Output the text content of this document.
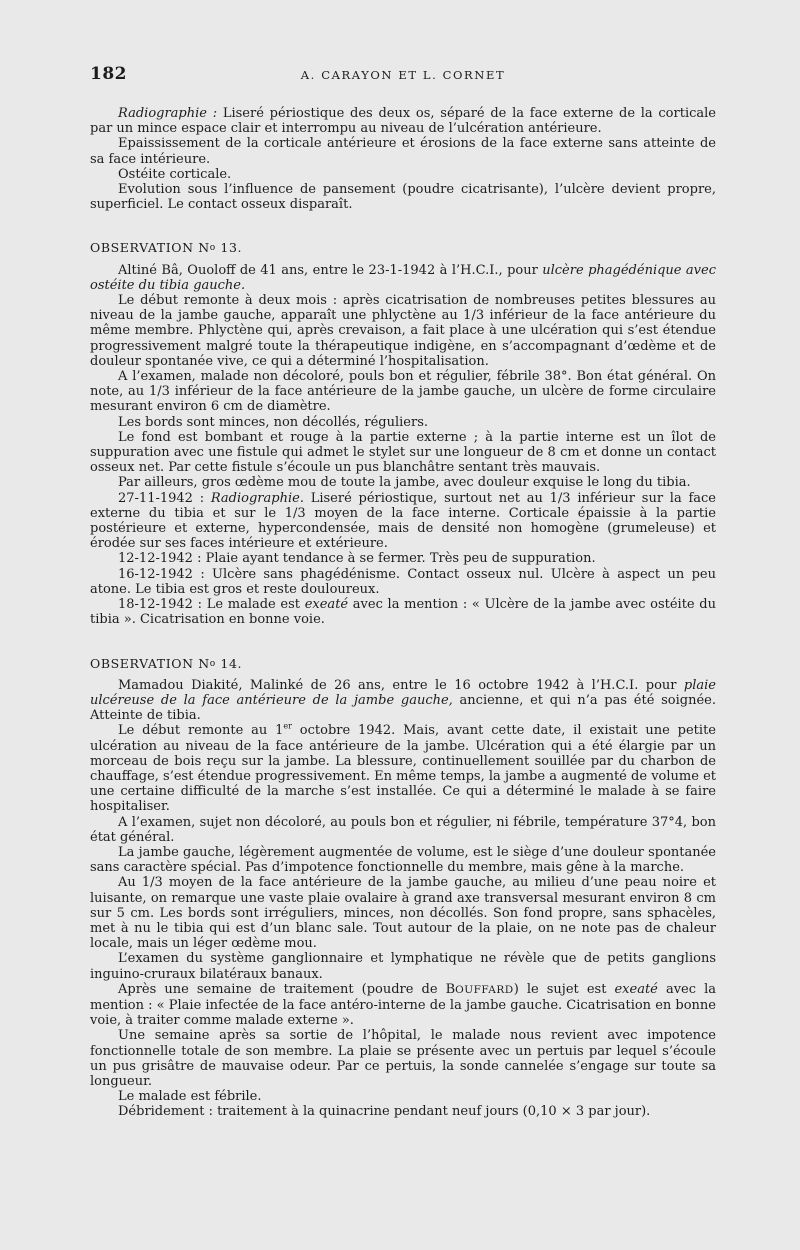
182	A. CARAYON ET L. CORNET

Radiographie : Liseré périostique des deux os, séparé de la face externe de la corticale par un mince espace clair et interrompu au niveau de l’ulcération antérieure.

Epaississement de la corticale antérieure et érosions de la face externe sans atteinte de sa face intérieure.

Ostéite corticale.

Evolution sous l’influence de pansement (poudre cicatrisante), l’ulcère devient propre, superficiel. Le contact osseux disparaît.

OBSERVATION No 13.

Altiné Bâ, Ouoloff de 41 ans, entre le 23-1-1942 à l’H.C.I., pour ulcère phagédénique avec ostéite du tibia gauche.

Le début remonte à deux mois : après cicatrisation de nombreuses petites blessures au niveau de la jambe gauche, apparaît une phlyctène au 1/3 inférieur de la face antérieure du même membre. Phlyctène qui, après crevaison, a fait place à une ulcération qui s’est étendue progressivement malgré toute la thérapeutique indigène, en s’accompagnant d’œdème et de douleur spontanée vive, ce qui a déterminé l’hospitalisation.

A l’examen, malade non décoloré, pouls bon et régulier, fébrile 38°. Bon état général. On note, au 1/3 inférieur de la face antérieure de la jambe gauche, un ulcère de forme circulaire mesurant environ 6 cm de diamètre.

Les bords sont minces, non décollés, réguliers.

Le fond est bombant et rouge à la partie externe ; à la partie interne est un îlot de suppuration avec une fistule qui admet le stylet sur une longueur de 8 cm et donne un contact osseux net. Par cette fistule s’écoule un pus blanchâtre sentant très mauvais.

Par ailleurs, gros œdème mou de toute la jambe, avec douleur exquise le long du tibia.

27-11-1942 : Radiographie. Liseré périostique, surtout net au 1/3 inférieur sur la face externe du tibia et sur le 1/3 moyen de la face interne. Corticale épaissie à la partie postérieure et externe, hypercondensée, mais de densité non homogène (grumeleuse) et érodée sur ses faces intérieure et extérieure.

12-12-1942 : Plaie ayant tendance à se fermer. Très peu de suppuration.

16-12-1942 : Ulcère sans phagédénisme. Contact osseux nul. Ulcère à aspect un peu atone. Le tibia est gros et reste douloureux.

18-12-1942 : Le malade est exeaté avec la mention : « Ulcère de la jambe avec ostéite du tibia ». Cicatrisation en bonne voie.

OBSERVATION No 14.

Mamadou Diakité, Malinké de 26 ans, entre le 16 octobre 1942 à l’H.C.I. pour plaie ulcéreuse de la face antérieure de la jambe gauche, ancienne, et qui n’a pas été soignée. Atteinte de tibia.

Le début remonte au 1er octobre 1942. Mais, avant cette date, il existait une petite ulcération au niveau de la face antérieure de la jambe. Ulcération qui a été élargie par un morceau de bois reçu sur la jambe. La blessure, continuellement souillée par du charbon de chauffage, s’est étendue progressivement. En même temps, la jambe a augmenté de volume et une certaine difficulté de la marche s’est installée. Ce qui a déterminé le malade à se faire hospitaliser.

A l’examen, sujet non décoloré, au pouls bon et régulier, ni fébrile, température 37°4, bon état général.

La jambe gauche, légèrement augmentée de volume, est le siège d’une douleur spontanée sans caractère spécial. Pas d’impotence fonctionnelle du membre, mais gêne à la marche.

Au 1/3 moyen de la face antérieure de la jambe gauche, au milieu d’une peau noire et luisante, on remarque une vaste plaie ovalaire à grand axe transversal mesurant environ 8 cm sur 5 cm. Les bords sont irréguliers, minces, non décollés. Son fond propre, sans sphacèles, met à nu le tibia qui est d’un blanc sale. Tout autour de la plaie, on ne note pas de chaleur locale, mais un léger œdème mou.

L’examen du système ganglionnaire et lymphatique ne révèle que de petits ganglions inguino-cruraux bilatéraux banaux.

Après une semaine de traitement (poudre de BOUFFARD) le sujet est exeaté avec la mention : « Plaie infectée de la face antéro-interne de la jambe gauche. Cicatrisation en bonne voie, à traiter comme malade externe ».

Une semaine après sa sortie de l’hôpital, le malade nous revient avec impotence fonctionnelle totale de son membre. La plaie se présente avec un pertuis par lequel s’écoule un pus grisâtre de mauvaise odeur. Par ce pertuis, la sonde cannelée s’engage sur toute sa longueur.

Le malade est fébrile.

Débridement : traitement à la quinacrine pendant neuf jours (0,10 × 3 par jour).
